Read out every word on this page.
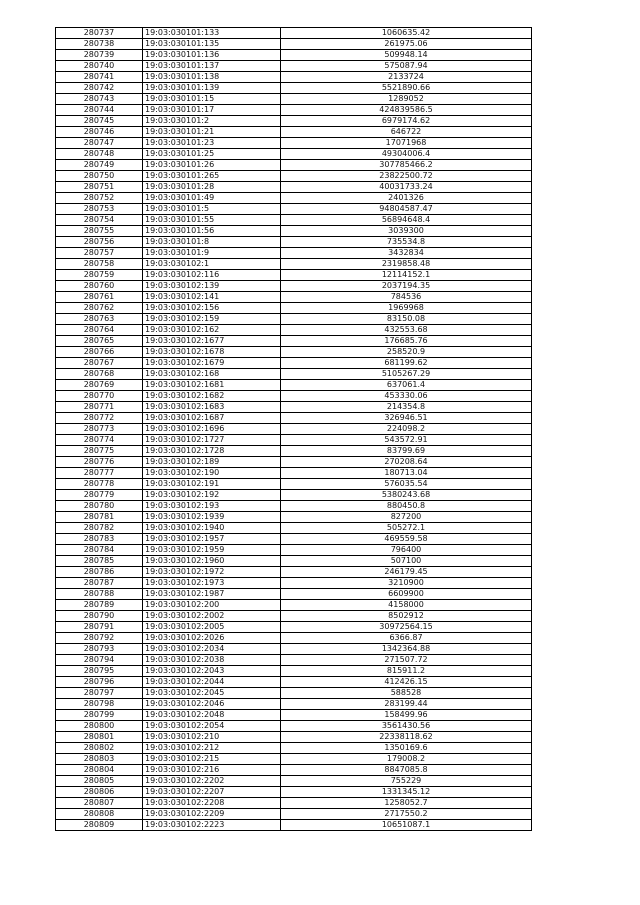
280737	19:03:030101:133	1060635.42
280738	19:03:030101:135	261975.06
280739	19:03:030101:136	509948.14
280740	19:03:030101:137	575087.94
280741	19:03:030101:138	2133724
280742	19:03:030101:139	5521890.66
280743	19:03:030101:15	1289052
280744	19:03:030101:17	424839586.5
280745	19:03:030101:2	6979174.62
280746	19:03:030101:21	646722
280747	19:03:030101:23	17071968
280748	19:03:030101:25	49304006.4
280749	19:03:030101:26	307785466.2
280750	19:03:030101:265	23822500.72
280751	19:03:030101:28	40031733.24
280752	19:03:030101:49	2401326
280753	19:03:030101:5	94804587.47
280754	19:03:030101:55	56894648.4
280755	19:03:030101:56	3039300
280756	19:03:030101:8	735534.8
280757	19:03:030101:9	3432834
280758	19:03:030102:1	2319858.48
280759	19:03:030102:116	12114152.1
280760	19:03:030102:139	2037194.35
280761	19:03:030102:141	784536
280762	19:03:030102:156	1969968
280763	19:03:030102:159	83150.08
280764	19:03:030102:162	432553.68
280765	19:03:030102:1677	176685.76
280766	19:03:030102:1678	258520.9
280767	19:03:030102:1679	681199.62
280768	19:03:030102:168	5105267.29
280769	19:03:030102:1681	637061.4
280770	19:03:030102:1682	453330.06
280771	19:03:030102:1683	214354.8
280772	19:03:030102:1687	326946.51
280773	19:03:030102:1696	224098.2
280774	19:03:030102:1727	543572.91
280775	19:03:030102:1728	83799.69
280776	19:03:030102:189	270208.64
280777	19:03:030102:190	180713.04
280778	19:03:030102:191	576035.54
280779	19:03:030102:192	5380243.68
280780	19:03:030102:193	880450.8
280781	19:03:030102:1939	827200
280782	19:03:030102:1940	505272.1
280783	19:03:030102:1957	469559.58
280784	19:03:030102:1959	796400
280785	19:03:030102:1960	507100
280786	19:03:030102:1972	246179.45
280787	19:03:030102:1973	3210900
280788	19:03:030102:1987	6609900
280789	19:03:030102:200	4158000
280790	19:03:030102:2002	8502912
280791	19:03:030102:2005	30972564.15
280792	19:03:030102:2026	6366.87
280793	19:03:030102:2034	1342364.88
280794	19:03:030102:2038	271507.72
280795	19:03:030102:2043	815911.2
280796	19:03:030102:2044	412426.15
280797	19:03:030102:2045	588528
280798	19:03:030102:2046	283199.44
280799	19:03:030102:2048	158499.96
280800	19:03:030102:2054	3561430.56
280801	19:03:030102:210	22338118.62
280802	19:03:030102:212	1350169.6
280803	19:03:030102:215	179008.2
280804	19:03:030102:216	8847085.8
280805	19:03:030102:2202	755229
280806	19:03:030102:2207	1331345.12
280807	19:03:030102:2208	1258052.7
280808	19:03:030102:2209	2717550.2
280809	19:03:030102:2223	10651087.1
